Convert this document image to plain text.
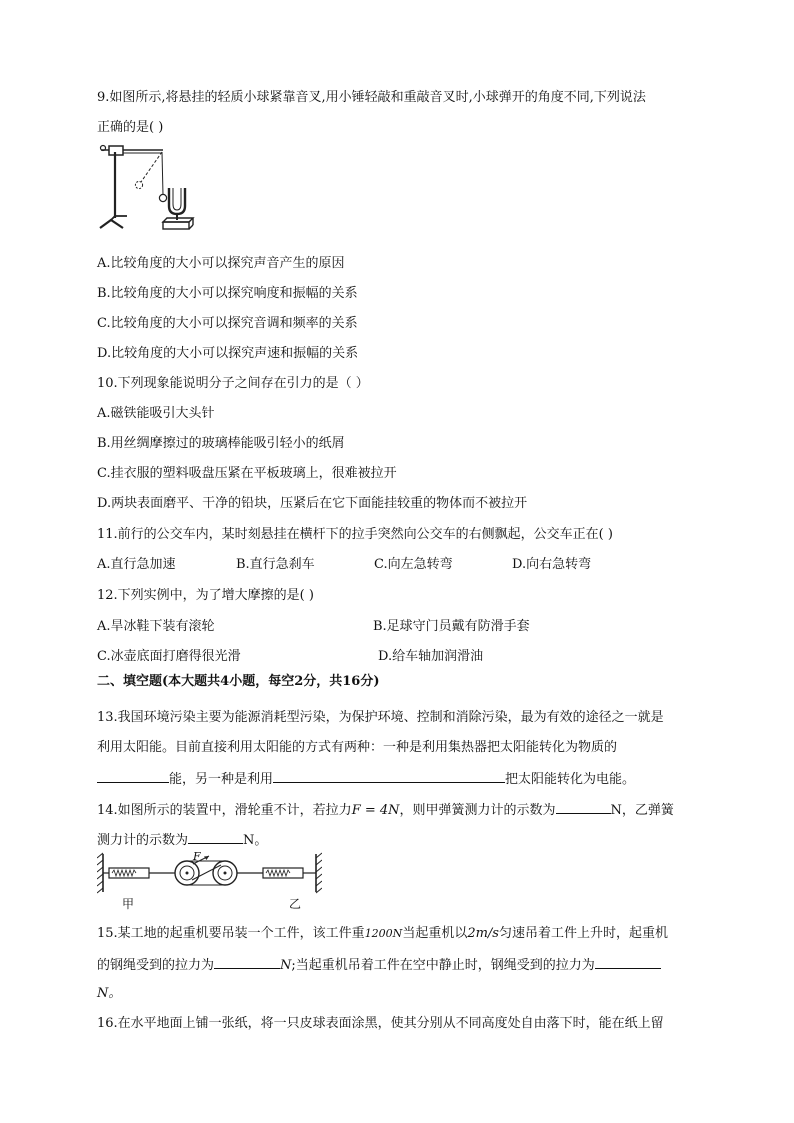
9.如图所示,将悬挂的轻质小球紧靠音叉,用小锤轻敲和重敲音叉时,小球弹开的角度不同,下列说法
正确的是( )
A.比较角度的大小可以探究声音产生的原因
B.比较角度的大小可以探究响度和振幅的关系
C.比较角度的大小可以探究音调和频率的关系
D.比较角度的大小可以探究声速和振幅的关系
10.下列现象能说明分子之间存在引力的是（ ）
A.磁铁能吸引大头针
B.用丝绸摩擦过的玻璃棒能吸引轻小的纸屑
C.挂衣服的塑料吸盘压紧在平板玻璃上，很难被拉开
D.两块表面磨平、干净的铅块，压紧后在它下面能挂较重的物体而不被拉开
11.前行的公交车内，某时刻悬挂在横杆下的拉手突然向公交车的右侧飘起，公交车正在( )
A.直行急加速	B.直行急刹车	C.向左急转弯	D.向右急转弯
12.下列实例中，为了增大摩擦的是( )
A.旱冰鞋下装有滚轮	B.足球守门员戴有防滑手套
C.冰壶底面打磨得很光滑	D.给车轴加润滑油
二、填空题(本大题共4小题，每空2分，共16分)
13.我国环境污染主要为能源消耗型污染，为保护环境、控制和消除污染，最为有效的途径之一就是
利用太阳能。目前直接利用太阳能的方式有两种：一种是利用集热器把太阳能转化为物质的
能，另一种是利用	把太阳能转化为电能。
14.如图所示的装置中，滑轮重不计，若拉力F = 4N，则甲弹簧测力计的示数为	N，乙弹簧
测力计的示数为	N。
F
甲	乙
15.某工地的起重机要吊装一个工件，该工件重1200N当起重机以2m/s匀速吊着工件上升时，起重机
的钢绳受到的拉力为	N;当起重机吊着工件在空中静止时，钢绳受到的拉力为
N。
16.在水平地面上铺一张纸，将一只皮球表面涂黑，使其分别从不同高度处自由落下时，能在纸上留
